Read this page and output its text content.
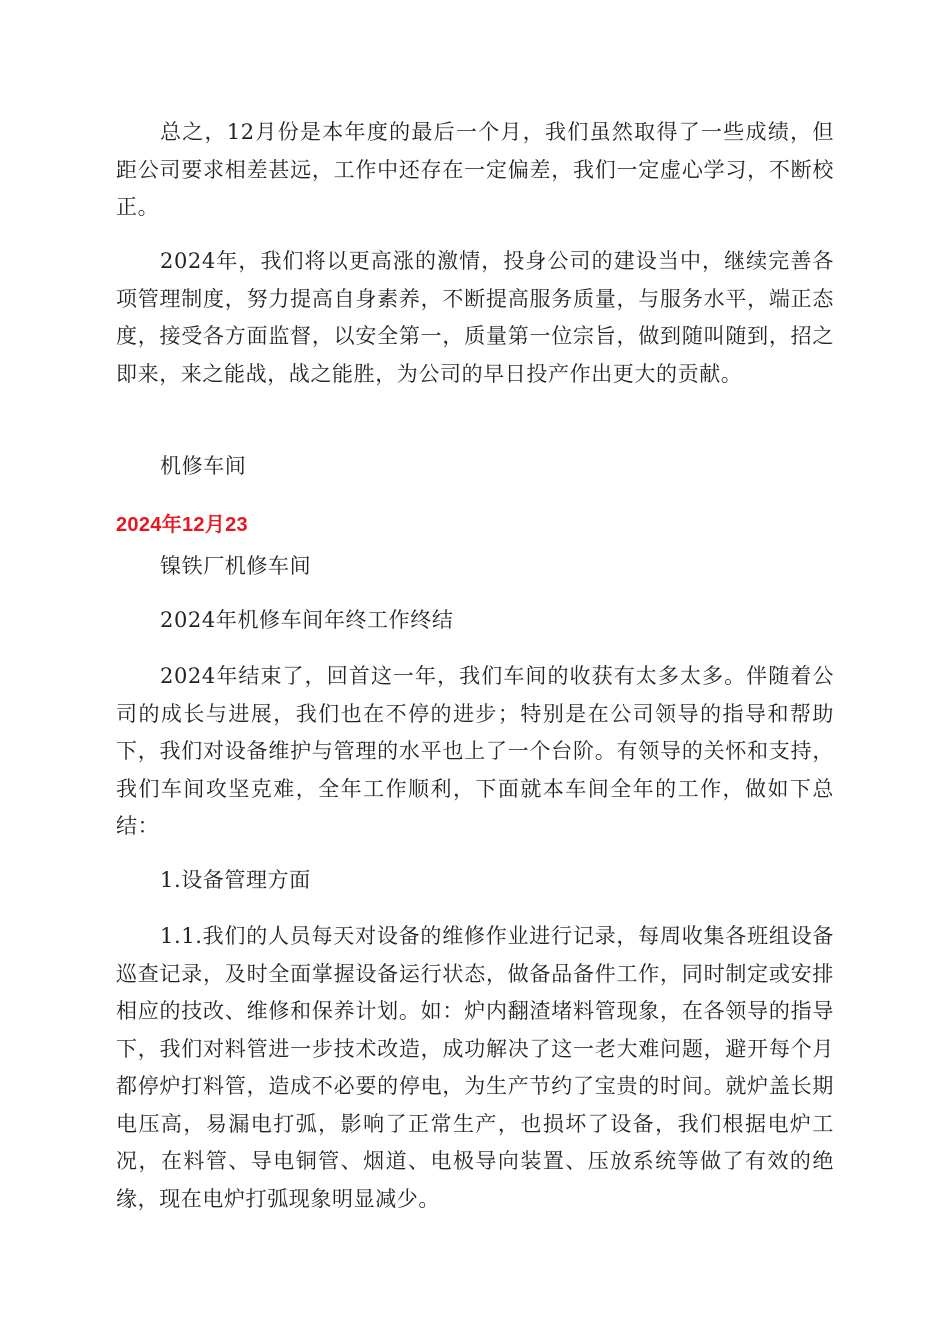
总之，12月份是本年度的最后一个月，我们虽然取得了一些成绩，但距公司要求相差甚远，工作中还存在一定偏差，我们一定虚心学习，不断校正。

2024年，我们将以更高涨的激情，投身公司的建设当中，继续完善各项管理制度，努力提高自身素养，不断提高服务质量，与服务水平，端正态度，接受各方面监督，以安全第一，质量第一位宗旨，做到随叫随到，招之即来，来之能战，战之能胜，为公司的早日投产作出更大的贡献。

机修车间

2024年12月23

镍铁厂机修车间

2024年机修车间年终工作终结

2024年结束了，回首这一年，我们车间的收获有太多太多。伴随着公司的成长与进展，我们也在不停的进步；特别是在公司领导的指导和帮助下，我们对设备维护与管理的水平也上了一个台阶。有领导的关怀和支持，我们车间攻坚克难，全年工作顺利，下面就本车间全年的工作，做如下总结：

1.设备管理方面

1.1.我们的人员每天对设备的维修作业进行记录，每周收集各班组设备巡查记录，及时全面掌握设备运行状态，做备品备件工作，同时制定或安排相应的技改、维修和保养计划。如：炉内翻渣堵料管现象，在各领导的指导下，我们对料管进一步技术改造，成功解决了这一老大难问题，避开每个月都停炉打料管，造成不必要的停电，为生产节约了宝贵的时间。就炉盖长期电压高，易漏电打弧，影响了正常生产，也损坏了设备，我们根据电炉工况，在料管、导电铜管、烟道、电极导向装置、压放系统等做了有效的绝缘，现在电炉打弧现象明显减少。
